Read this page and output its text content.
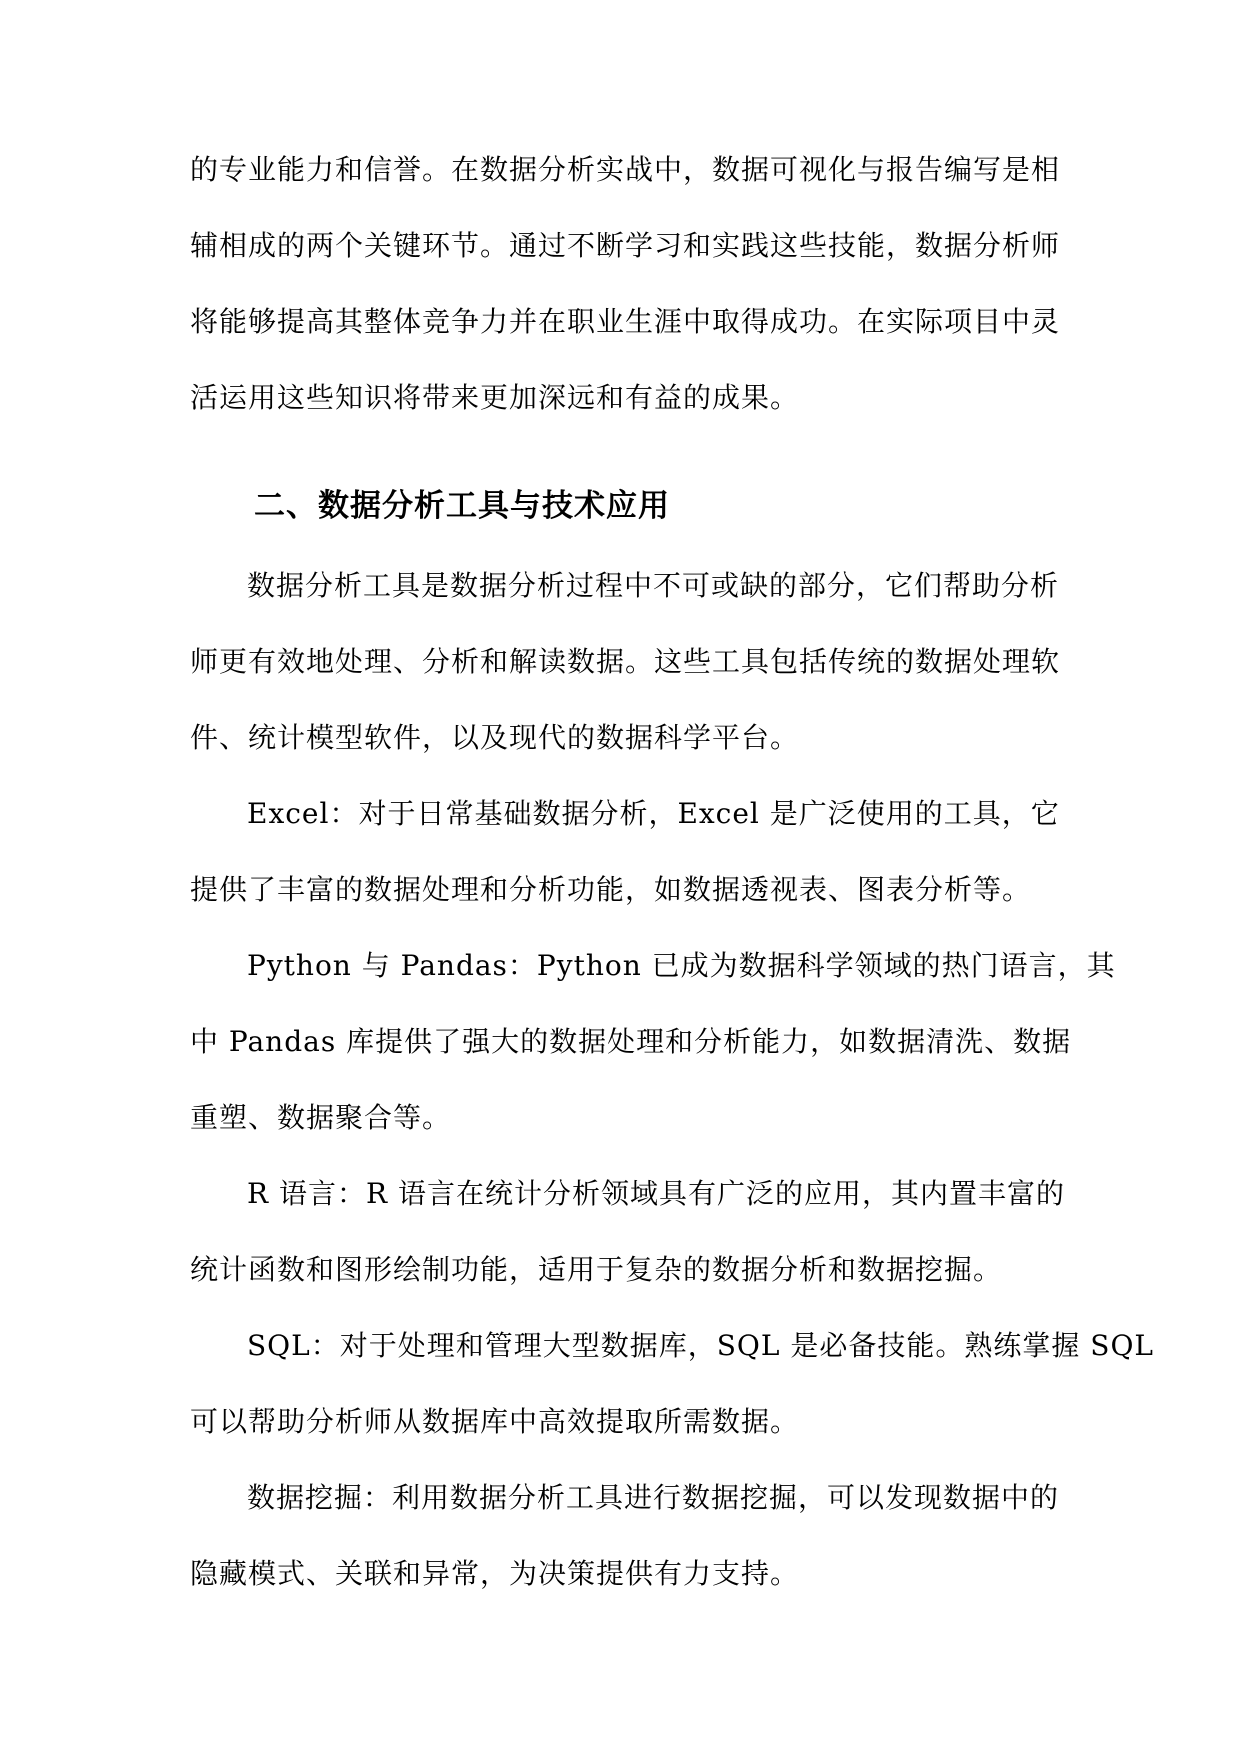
的专业能力和信誉。在数据分析实战中，数据可视化与报告编写是相
辅相成的两个关键环节。通过不断学习和实践这些技能，数据分析师
将能够提高其整体竞争力并在职业生涯中取得成功。在实际项目中灵
活运用这些知识将带来更加深远和有益的成果。
二、数据分析工具与技术应用
数据分析工具是数据分析过程中不可或缺的部分，它们帮助分析
师更有效地处理、分析和解读数据。这些工具包括传统的数据处理软
件、统计模型软件，以及现代的数据科学平台。
Excel：对于日常基础数据分析，Excel 是广泛使用的工具，它
提供了丰富的数据处理和分析功能，如数据透视表、图表分析等。
Python 与 Pandas：Python 已成为数据科学领域的热门语言，其
中 Pandas 库提供了强大的数据处理和分析能力，如数据清洗、数据
重塑、数据聚合等。
R 语言：R 语言在统计分析领域具有广泛的应用，其内置丰富的
统计函数和图形绘制功能，适用于复杂的数据分析和数据挖掘。
SQL：对于处理和管理大型数据库，SQL 是必备技能。熟练掌握 SQL
可以帮助分析师从数据库中高效提取所需数据。
数据挖掘：利用数据分析工具进行数据挖掘，可以发现数据中的
隐藏模式、关联和异常，为决策提供有力支持。
